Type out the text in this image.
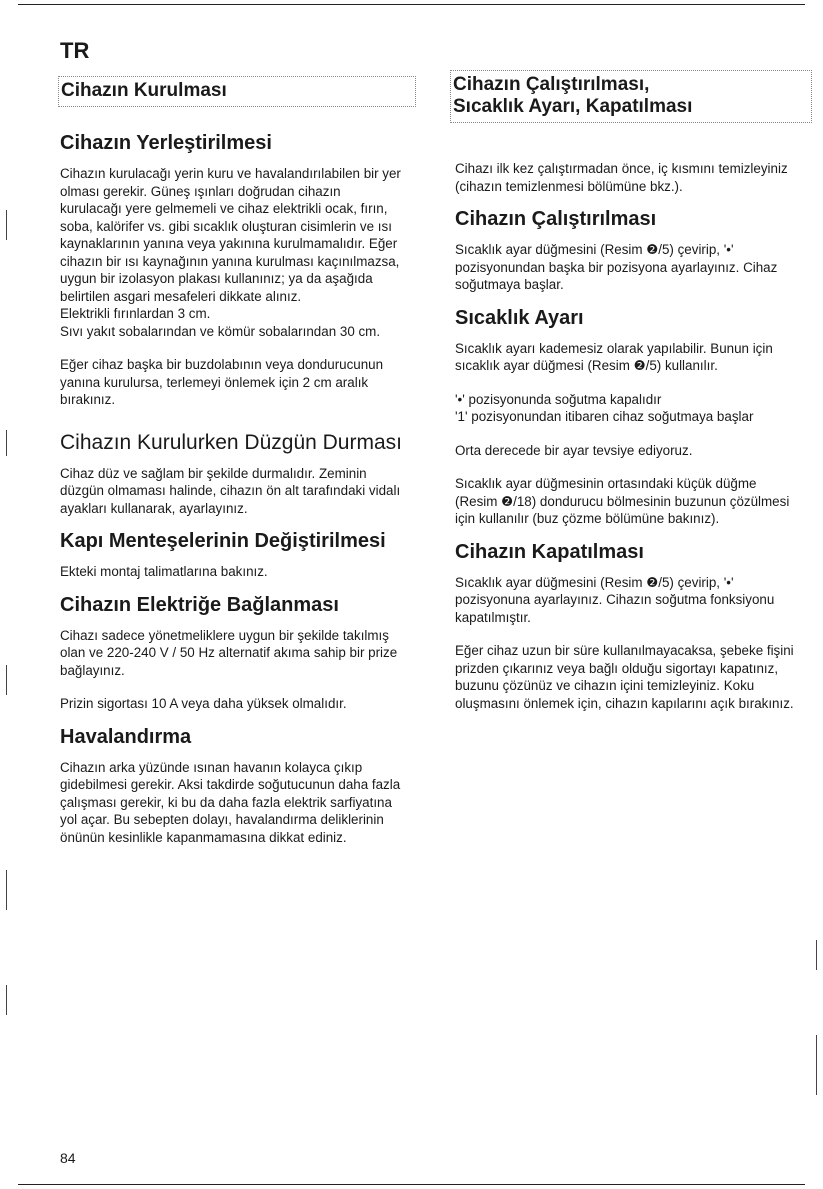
TR
Cihazın Kurulması	Cihazın Çalıştırılması,
Sıcaklık Ayarı, Kapatılması
Cihazın Yerleştirilmesi

Cihazın kurulacağı yerin kuru ve havalandırılabilen bir yer olması gerekir. Güneş ışınları doğrudan cihazın kurulacağı yere gelmemeli ve cihaz elektrikli ocak, fırın, soba, kalörifer vs. gibi sıcaklık oluşturan cisimlerin ve ısı kaynaklarının yanına veya yakınına kurulmamalıdır. Eğer cihazın bir ısı kaynağının yanına kurulması kaçınılmazsa, uygun bir izolasyon plakası kullanınız; ya da aşağıda belirtilen asgari mesafeleri dikkate alınız.
Elektrikli fırınlardan 3 cm.
Sıvı yakıt sobalarından ve kömür sobalarından 30 cm.

Eğer cihaz başka bir buzdolabının veya dondurucunun yanına kurulursa, terlemeyi önlemek için 2 cm aralık bırakınız.

Cihazın Kurulurken Düzgün Durması

Cihaz düz ve sağlam bir şekilde durmalıdır. Zeminin düzgün olmaması halinde, cihazın ön alt tarafındaki vidalı ayakları kullanarak, ayarlayınız.

Kapı Menteşelerinin Değiştirilmesi

Ekteki montaj talimatlarına bakınız.

Cihazın Elektriğe Bağlanması

Cihazı sadece yönetmeliklere uygun bir şekilde takılmış olan ve 220-240 V / 50 Hz alternatif akıma sahip bir prize bağlayınız.

Prizin sigortası 10 A veya daha yüksek olmalıdır.

Havalandırma

Cihazın arka yüzünde ısınan havanın kolayca çıkıp gidebilmesi gerekir. Aksi takdirde soğutucunun daha fazla çalışması gerekir, ki bu da daha fazla elektrik sarfiyatına yol açar. Bu sebepten dolayı, havalandırma deliklerinin önünün kesinlikle kapanmamasına dikkat ediniz.

Cihazı ilk kez çalıştırmadan önce, iç kısmını temizleyiniz (cihazın temizlenmesi bölümüne bkz.).

Cihazın Çalıştırılması

Sıcaklık ayar düğmesini (Resim ❷/5) çevirip, '•' pozisyonundan başka bir pozisyona ayarlayınız. Cihaz soğutmaya başlar.

Sıcaklık Ayarı

Sıcaklık ayarı kademesiz olarak yapılabilir. Bunun için sıcaklık ayar düğmesi (Resim ❷/5) kullanılır.

'•' pozisyonunda soğutma kapalıdır
'1' pozisyonundan itibaren cihaz soğutmaya başlar

Orta derecede bir ayar tevsiye ediyoruz.

Sıcaklık ayar düğmesinin ortasındaki küçük düğme (Resim ❷/18) dondurucu bölmesinin buzunun çözülmesi için kullanılır (buz çözme bölümüne bakınız).

Cihazın Kapatılması

Sıcaklık ayar düğmesini (Resim ❷/5) çevirip, '•' pozisyonuna ayarlayınız. Cihazın soğutma fonksiyonu kapatılmıştır.

Eğer cihaz uzun bir süre kullanılmayacaksa, şebeke fişini prizden çıkarınız veya bağlı olduğu sigortayı kapatınız, buzunu çözünüz ve cihazın içini temizleyiniz. Koku oluşmasını önlemek için, cihazın kapılarını açık bırakınız.

84
